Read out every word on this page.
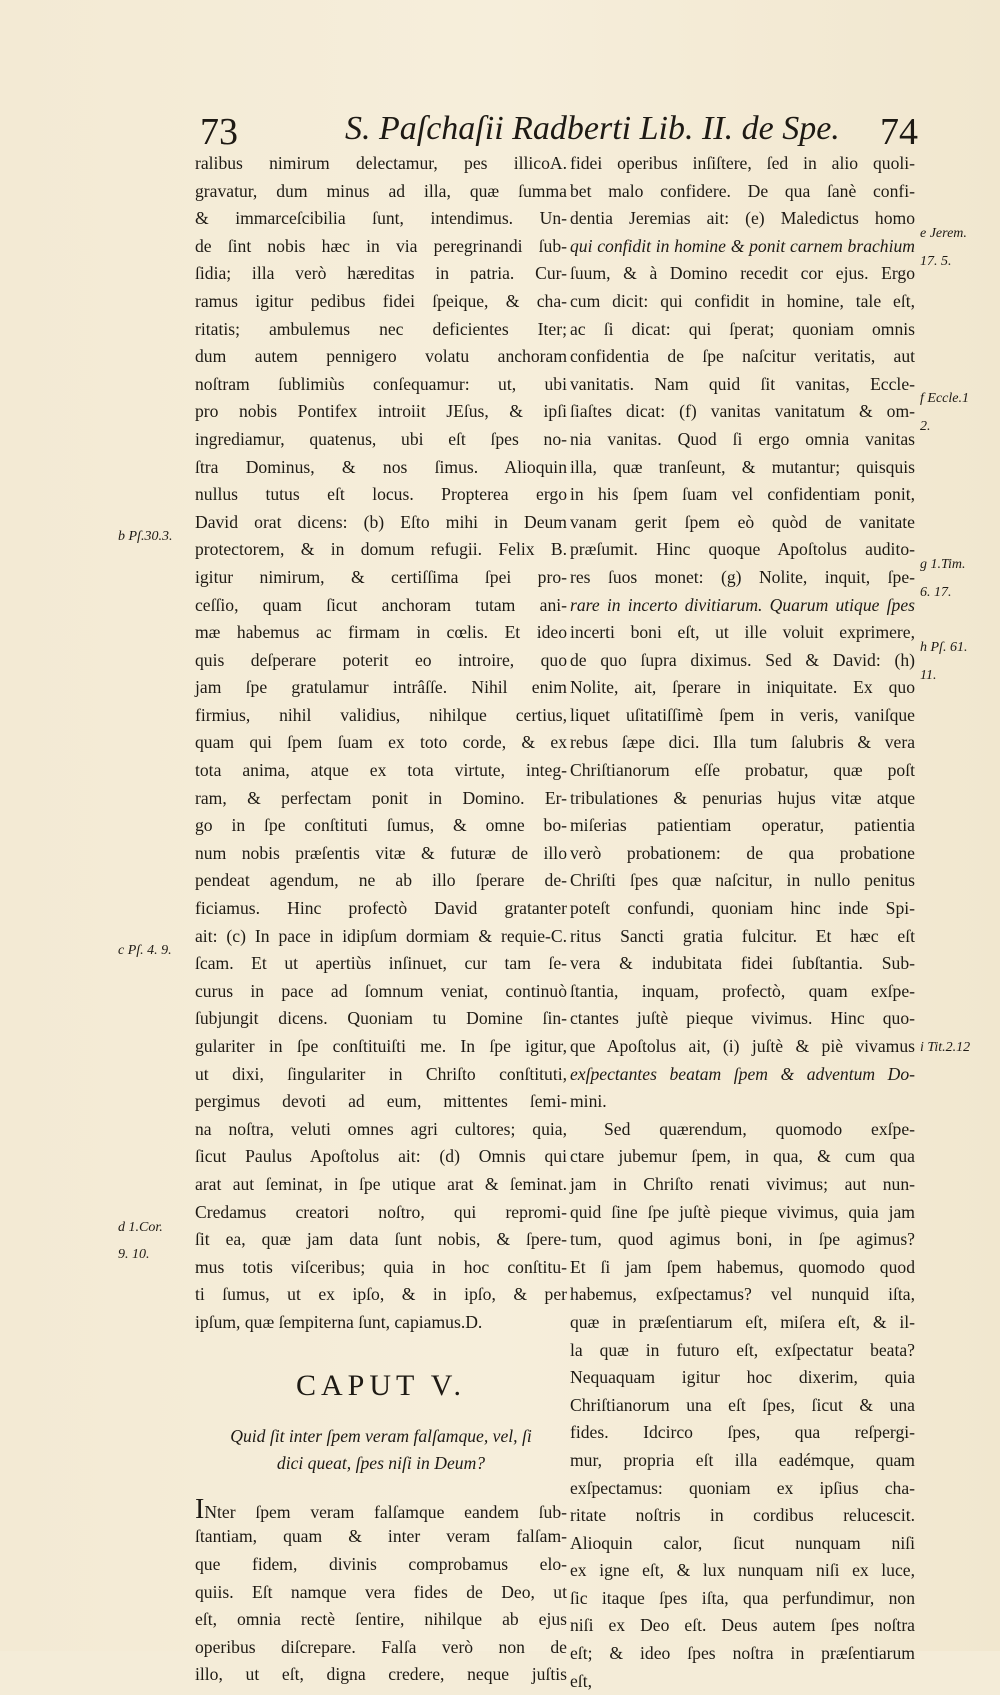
73	S. Paſchaſii Radberti Lib. II. de Spe. 74
ralibus nimirum delectamur, pes illicoA.
gravatur, dum minus ad illa, quæ ſumma
& immarceſcibilia ſunt, intendimus. Un-
de ſint nobis hæc in via peregrinandi ſub-
ſidia; illa verò hæreditas in patria. Cur-
ramus igitur pedibus fidei ſpeique, & cha-
ritatis; ambulemus nec deficientes Iter;
dum autem pennigero volatu anchoram
noſtram ſublimiùs conſequamur: ut, ubi
pro nobis Pontifex introiit JEſus, & ipſi
ingrediamur, quatenus, ubi eſt ſpes no-
ſtra Dominus, & nos ſimus. Alioquin
nullus tutus eſt locus. Propterea ergo
David orat dicens: (b) Eſto mihi in Deum
protectorem, & in domum refugii. Felix B.
igitur nimirum, & certiſſima ſpei pro-
ceſſio, quam ſicut anchoram tutam ani-
mæ habemus ac firmam in cœlis. Et ideo
quis deſperare poterit eo introire, quo
jam ſpe gratulamur intrâſſe. Nihil enim
firmius, nihil validius, nihilque certius,
quam qui ſpem ſuam ex toto corde, & ex
tota anima, atque ex tota virtute, integ-
ram, & perfectam ponit in Domino. Er-
go in ſpe conſtituti ſumus, & omne bo-
num nobis præſentis vitæ & futuræ de illo
pendeat agendum, ne ab illo ſperare de-
ficiamus. Hinc profectò David gratanter
ait: (c) In pace in idipſum dormiam & requie-C.
ſcam. Et ut apertiùs inſinuet, cur tam ſe-
curus in pace ad ſomnum veniat, continuò
ſubjungit dicens. Quoniam tu Domine ſin-
gulariter in ſpe conſtituiſti me. In ſpe igitur,
ut dixi, ſingulariter in Chriſto conſtituti,
pergimus devoti ad eum, mittentes ſemi-
na noſtra, veluti omnes agri cultores; quia,
ſicut Paulus Apoſtolus ait: (d) Omnis qui
arat aut ſeminat, in ſpe utique arat & ſeminat.
Credamus creatori noſtro, qui repromi-
ſit ea, quæ jam data ſunt nobis, & ſpere-
mus totis viſceribus; quia in hoc conſtitu-
ti ſumus, ut ex ipſo, & in ipſo, & per
ipſum, quæ ſempiterna ſunt, capiamus.D.
CAPUT V.
Quid ſit inter ſpem veram falſamque, vel, ſi
dici queat, ſpes niſi in Deum?
INter ſpem veram falſamque eandem ſub-
ſtantiam, quam & inter veram falſam-
que fidem, divinis comprobamus elo-
quiis. Eſt namque vera fides de Deo, ut
eſt, omnia rectè ſentire, nihilque ab ejus
operibus diſcrepare. Falſa verò non de
illo, ut eſt, digna credere, neque juſtis
fidei operibus inſiſtere, ſed in alio quoli-
bet malo confidere. De qua ſanè confi-
dentia Jeremias ait: (e) Maledictus homo
qui confidit in homine & ponit carnem brachium
ſuum, & à Domino recedit cor ejus. Ergo
cum dicit: qui confidit in homine, tale eſt,
ac ſi dicat: qui ſperat; quoniam omnis
confidentia de ſpe naſcitur veritatis, aut
vanitatis. Nam quid ſit vanitas, Eccle-
ſiaſtes dicat: (f) vanitas vanitatum & om-
nia vanitas. Quod ſi ergo omnia vanitas
illa, quæ tranſeunt, & mutantur; quisquis
in his ſpem ſuam vel confidentiam ponit,
vanam gerit ſpem eò quòd de vanitate
præſumit. Hinc quoque Apoſtolus audito-
res ſuos monet: (g) Nolite, inquit, ſpe-
rare in incerto divitiarum. Quarum utique ſpes
incerti boni eſt, ut ille voluit exprimere,
de quo ſupra diximus. Sed & David: (h)
Nolite, ait, ſperare in iniquitate. Ex quo
liquet uſitatiſſimè ſpem in veris, vaniſque
rebus ſæpe dici. Illa tum ſalubris & vera
Chriſtianorum eſſe probatur, quæ poſt
tribulationes & penurias hujus vitæ atque
miſerias patientiam operatur, patientia
verò probationem: de qua probatione
Chriſti ſpes quæ naſcitur, in nullo penitus
poteſt confundi, quoniam hinc inde Spi-
ritus Sancti gratia fulcitur. Et hæc eſt
vera & indubitata fidei ſubſtantia. Sub-
ſtantia, inquam, profectò, quam exſpe-
ctantes juſtè pieque vivimus. Hinc quo-
que Apoſtolus ait, (i) juſtè & piè vivamus
exſpectantes beatam ſpem & adventum Do-
mini.
Sed quærendum, quomodo exſpe-
ctare jubemur ſpem, in qua, & cum qua
jam in Chriſto renati vivimus; aut nun-
quid ſine ſpe juſtè pieque vivimus, quia jam
tum, quod agimus boni, in ſpe agimus?
Et ſi jam ſpem habemus, quomodo quod
habemus, exſpectamus? vel nunquid iſta,
quæ in præſentiarum eſt, miſera eſt, & il-
la quæ in futuro eſt, exſpectatur beata?
Nequaquam igitur hoc dixerim, quia
Chriſtianorum una eſt ſpes, ſicut & una
fides. Idcirco ſpes, qua reſpergi-
mur, propria eſt illa eadémque, quam
exſpectamus: quoniam ex ipſius cha-
ritate noſtris in cordibus relucescit.
Alioquin calor, ſicut nunquam niſi
ex igne eſt, & lux nunquam niſi ex luce,
ſic itaque ſpes iſta, qua perfundimur, non
niſi ex Deo eſt. Deus autem ſpes noſtra
eſt; & ideo ſpes noſtra in præſentiarum
eſt,
b Pſ.30.3.
c Pſ. 4. 9.
d 1.Cor.
9. 10.
e Jerem.
17. 5.
f Eccle.1
2.
g 1.Tim.
6. 17.
h Pſ. 61.
11.
i Tit.2.12
